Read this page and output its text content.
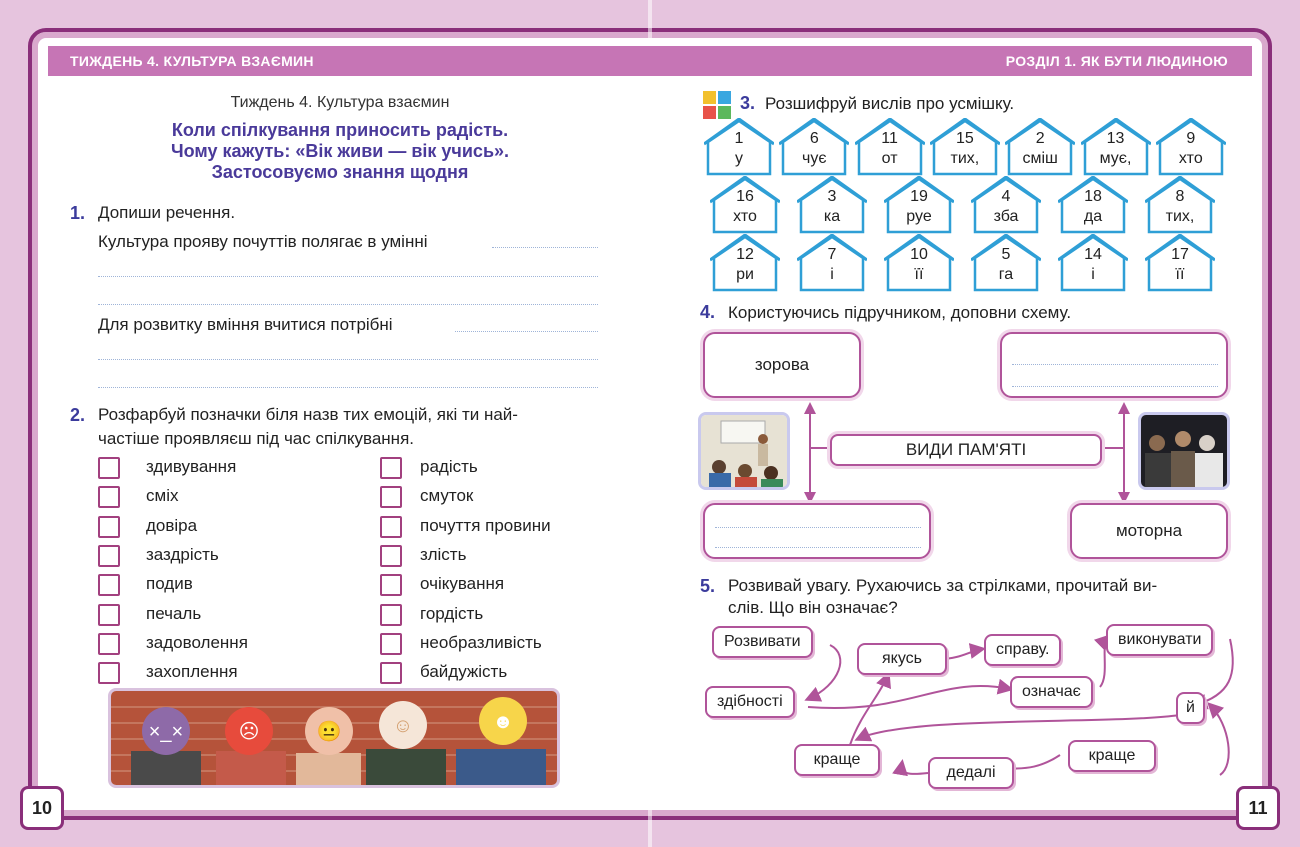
ТИЖДЕНЬ 4. КУЛЬТУРА ВЗАЄМИН	РОЗДІЛ 1. ЯК БУТИ ЛЮДИНОЮ
Тиждень 4. Культура взаємин
Коли спілкування приносить радість.
Чому кажуть: «Вік живи — вік учись».
Застосовуємо знання щодня
1. Допиши речення.
Культура прояву почуттів полягає в умінні
Для розвитку вміння вчитися потрібні
2. Розфарбуй позначки біля назв тих емоцій, які ти най-
частіше проявляєш під час спілкування.
здивування
сміх
довіра
заздрість
подив
печаль
задоволення
захоплення
радість
смуток
почуття провини
злість
очікування
гордість
необразливість
байдужість
×_×	☹	😐	☺	☻
3. Розшифруй вислів про усмішку.
1
у
6
чує
11
от
15
тих,
2
сміш
13
мує,
9
хто
16
хто
3
ка
19
руе
4
зба
18
да
8
тих,
12
ри
7
і
10
її
5
га
14
і
17
її
4. Користуючись підручником, доповни схему.
зорова
ВИДИ ПАМ'ЯТІ
моторна
5. Розвивай увагу. Рухаючись за стрілками, прочитай ви-
слів. Що він означає?
Розвивати
здібності
якусь
справу.
виконувати
означає
й
краще
дедалі
краще
10	11
